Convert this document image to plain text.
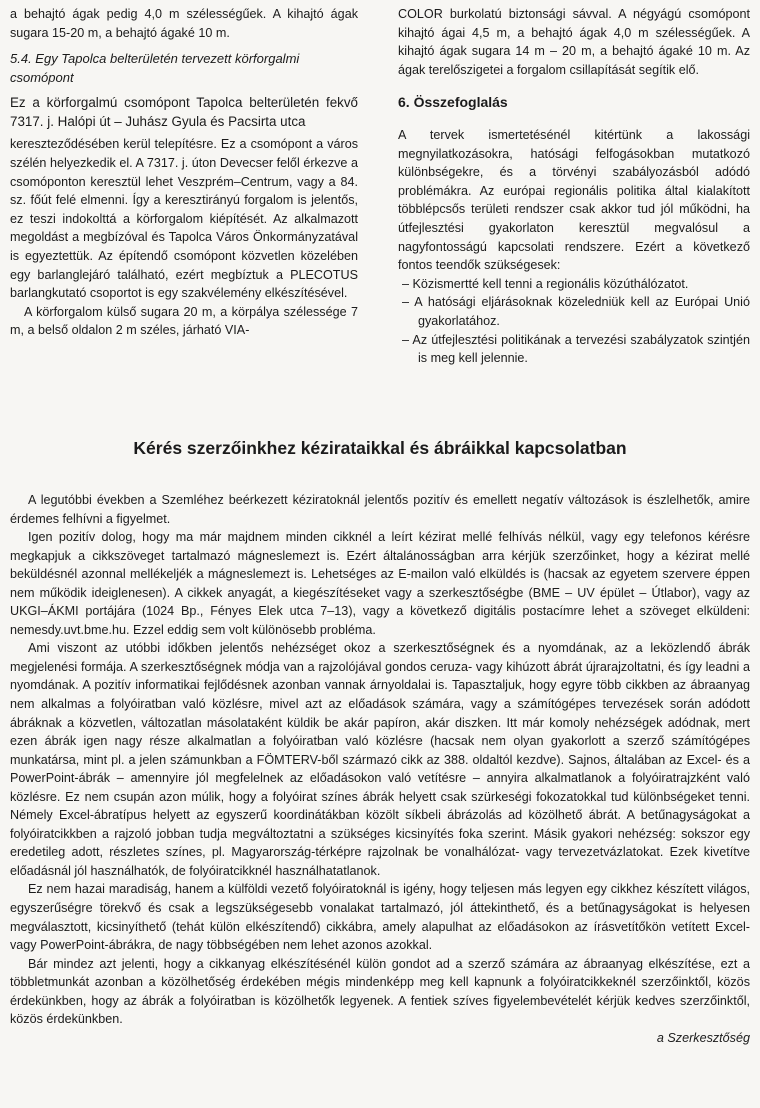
a behajtó ágak pedig 4,0 m szélességűek. A kihajtó ágak sugara 15-20 m, a behajtó ágaké 10 m.

5.4. Egy Tapolca belterületén tervezett körforgalmi csomópont

Ez a körforgalmú csomópont Tapolca belterületén fekvő 7317. j. Halópi út – Juhász Gyula és Pacsirta utca

kereszteződésében kerül telepítésre. Ez a csomópont a város szélén helyezkedik el. A 7317. j. úton Devecser felől érkezve a csomóponton keresztül lehet Veszprém–Centrum, vagy a 84. sz. főút felé elmenni. Így a keresztirányú forgalom is jelentős, ez teszi indokolttá a körforgalom kiépítését. Az alkalmazott megoldást a megbízóval és Tapolca Város Önkormányzatával is egyeztettük. Az építendő csomópont közvetlen közelében egy barlanglejáró található, ezért megbíztuk a PLECOTUS barlangkutató csoportot is egy szakvélemény elkészítésével.

A körforgalom külső sugara 20 m, a körpálya szélessége 7 m, a belső oldalon 2 m széles, járható VIA-

COLOR burkolatú biztonsági sávval. A négyágú csomópont kihajtó ágai 4,5 m, a behajtó ágak 4,0 m szélességűek. A kihajtó ágak sugara 14 m – 20 m, a behajtó ágaké 10 m. Az ágak terelőszigetei a forgalom csillapítását segítik elő.

6. Összefoglalás

A tervek ismertetésénél kitértünk a lakossági megnyilatkozásokra, hatósági felfogásokban mutatkozó különbségekre, és a törvényi szabályozásból adódó problémákra. Az európai regionális politika által kialakított többlépcsős területi rendszer csak akkor tud jól működni, ha útfejlesztési gyakorlaton keresztül megvalósul a nagyfontosságú kapcsolati rendszere. Ezért a következő fontos teendők szükségesek:

– Közismertté kell tenni a regionális közúthálózatot.
– A hatósági eljárásoknak közeledniük kell az Európai Unió gyakorlatához.
– Az útfejlesztési politikának a tervezési szabályzatok szintjén is meg kell jelennie.
Kérés szerzőinkhez kézirataikkal és ábráikkal kapcsolatban

A legutóbbi években a Szemléhez beérkezett kéziratoknál jelentős pozitív és emellett negatív változások is észlelhetők, amire érdemes felhívni a figyelmet.

Igen pozitív dolog, hogy ma már majdnem minden cikknél a leírt kézirat mellé felhívás nélkül, vagy egy telefonos kérésre megkapjuk a cikkszöveget tartalmazó mágneslemezt is. Ezért általánosságban arra kérjük szerzőinket, hogy a kézirat mellé beküldésnél azonnal mellékeljék a mágneslemezt is. Lehetséges az E-mailon való elküldés is (hacsak az egyetem szervere éppen nem működik ideiglenesen). A cikkek anyagát, a kiegészítéseket vagy a szerkesztőségbe (BME – UV épület – Útlabor), vagy az UKGI–ÁKMI portájára (1024 Bp., Fényes Elek utca 7–13), vagy a következő digitális postacímre lehet a szöveget elküldeni: nemesdy.uvt.bme.hu. Ezzel eddig sem volt különösebb probléma.

Ami viszont az utóbbi időkben jelentős nehézséget okoz a szerkesztőségnek és a nyomdának, az a leközlendő ábrák megjelenési formája. A szerkesztőségnek módja van a rajzolójával gondos ceruza- vagy kihúzott ábrát újrarajzoltatni, és így leadni a nyomdának. A pozitív informatikai fejlődésnek azonban vannak árnyoldalai is. Tapasztaljuk, hogy egyre több cikkben az ábraanyag nem alkalmas a folyóiratban való közlésre, mivel azt az előadások számára, vagy a számítógépes tervezések során adódott ábráknak a közvetlen, változatlan másolataként küldik be akár papíron, akár diszken. Itt már komoly nehézségek adódnak, mert ezen ábrák igen nagy része alkalmatlan a folyóiratban való közlésre (hacsak nem olyan gyakorlott a szerző számítógépes munkatársa, mint pl. a jelen számunkban a FÖMTERV-ből származó cikk az 388. oldaltól kezdve). Sajnos, általában az Excel- és a PowerPoint-ábrák – amennyire jól megfelelnek az előadásokon való vetítésre – annyira alkalmatlanok a folyóiratrajzként való közlésre. Ez nem csupán azon múlik, hogy a folyóirat színes ábrák helyett csak szürkeségi fokozatokkal tud különbségeket tenni. Némely Excel-ábratípus helyett az egyszerű koordinátákban közölt síkbeli ábrázolás ad közölhető ábrát. A betűnagyságokat a folyóiratcikkben a rajzoló jobban tudja megváltoztatni a szükséges kicsinyítés foka szerint. Másik gyakori nehézség: sokszor egy eredetileg adott, részletes színes, pl. Magyarország-térképre rajzolnak be vonalhálózat- vagy tervezetvázlatokat. Ezek kivetítve előadásnál jól használhatók, de folyóiratcikknél használhatatlanok.

Ez nem hazai maradiság, hanem a külföldi vezető folyóiratoknál is igény, hogy teljesen más legyen egy cikkhez készített világos, egyszerűségre törekvő és csak a legszükségesebb vonalakat tartalmazó, jól áttekinthető, és a betűnagyságokat is helyesen megválasztott, kicsinyíthető (tehát külön elkészítendő) cikkábra, amely alapulhat az előadásokon az írásvetítőkön vetített Excel- vagy PowerPoint-ábrákra, de nagy többségében nem lehet azonos azokkal.

Bár mindez azt jelenti, hogy a cikkanyag elkészítésénél külön gondot ad a szerző számára az ábraanyag elkészítése, ezt a többletmunkát azonban a közölhetőség érdekében mégis mindenképp meg kell kapnunk a folyóiratcikkeknél szerzőinktől, közös érdekünkben, hogy az ábrák a folyóiratban is közölhetők legyenek. A fentiek szíves figyelembevételét kérjük kedves szerzőinktől, közös érdekünkben.

a Szerkesztőség
